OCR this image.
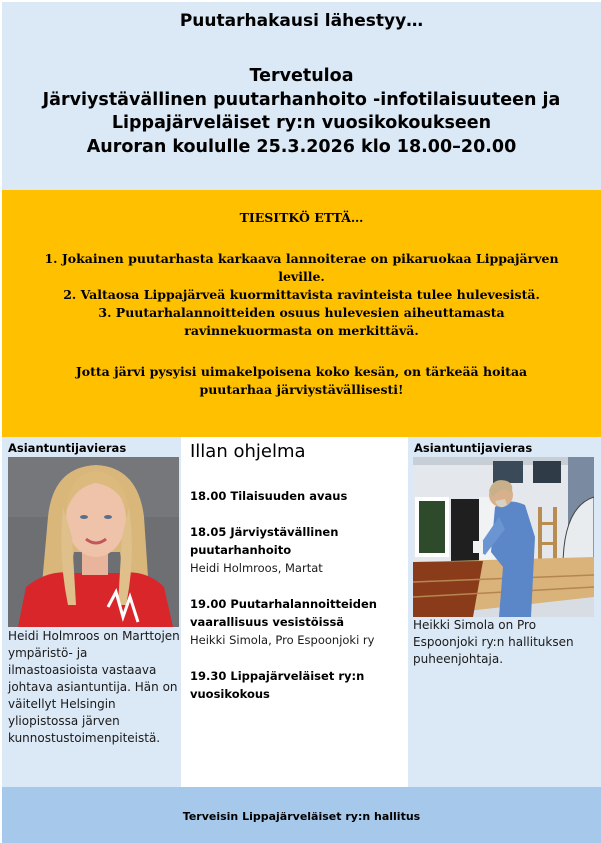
Puutarhakausi lähestyy…
Tervetuloa
Järviystävällinen puutarhanhoito -infotilaisuuteen ja
Lippajärveläiset ry:n vuosikokoukseen
Auroran koululle 25.3.2026 klo 18.00–20.00
TIESITKÖ ETTÄ…
1. Jokainen puutarhasta karkaava lannoiterae on pikaruokaa Lippajärven leville.
2. Valtaosa Lippajärveä kuormittavista ravinteista tulee hulevesistä.
3. Puutarhalannoitteiden osuus hulevesien aiheuttamasta ravinnekuormasta on merkittävä.
Jotta järvi pysyisi uimakelpoisena koko kesän, on tärkeää hoitaa puutarhaa järviystävällisesti!
Asiantuntijavieras
Heidi Holmroos on Marttojen ympäristö- ja ilmastoasioista vastaava johtava asiantuntija. Hän on väitellyt Helsingin yliopistossa järven kunnostustoimenpiteistä.
Illan ohjelma
18.00 Tilaisuuden avaus
18.05 Järviystävällinen puutarhanhoito
Heidi Holmroos, Martat
19.00 Puutarhalannoitteiden vaarallisuus vesistöissä
Heikki Simola, Pro Espoonjoki ry
19.30 Lippajärveläiset ry:n vuosikokous
Asiantuntijavieras
Heikki Simola on Pro Espoonjoki ry:n hallituksen puheenjohtaja.
Terveisin Lippajärveläiset ry:n hallitus
